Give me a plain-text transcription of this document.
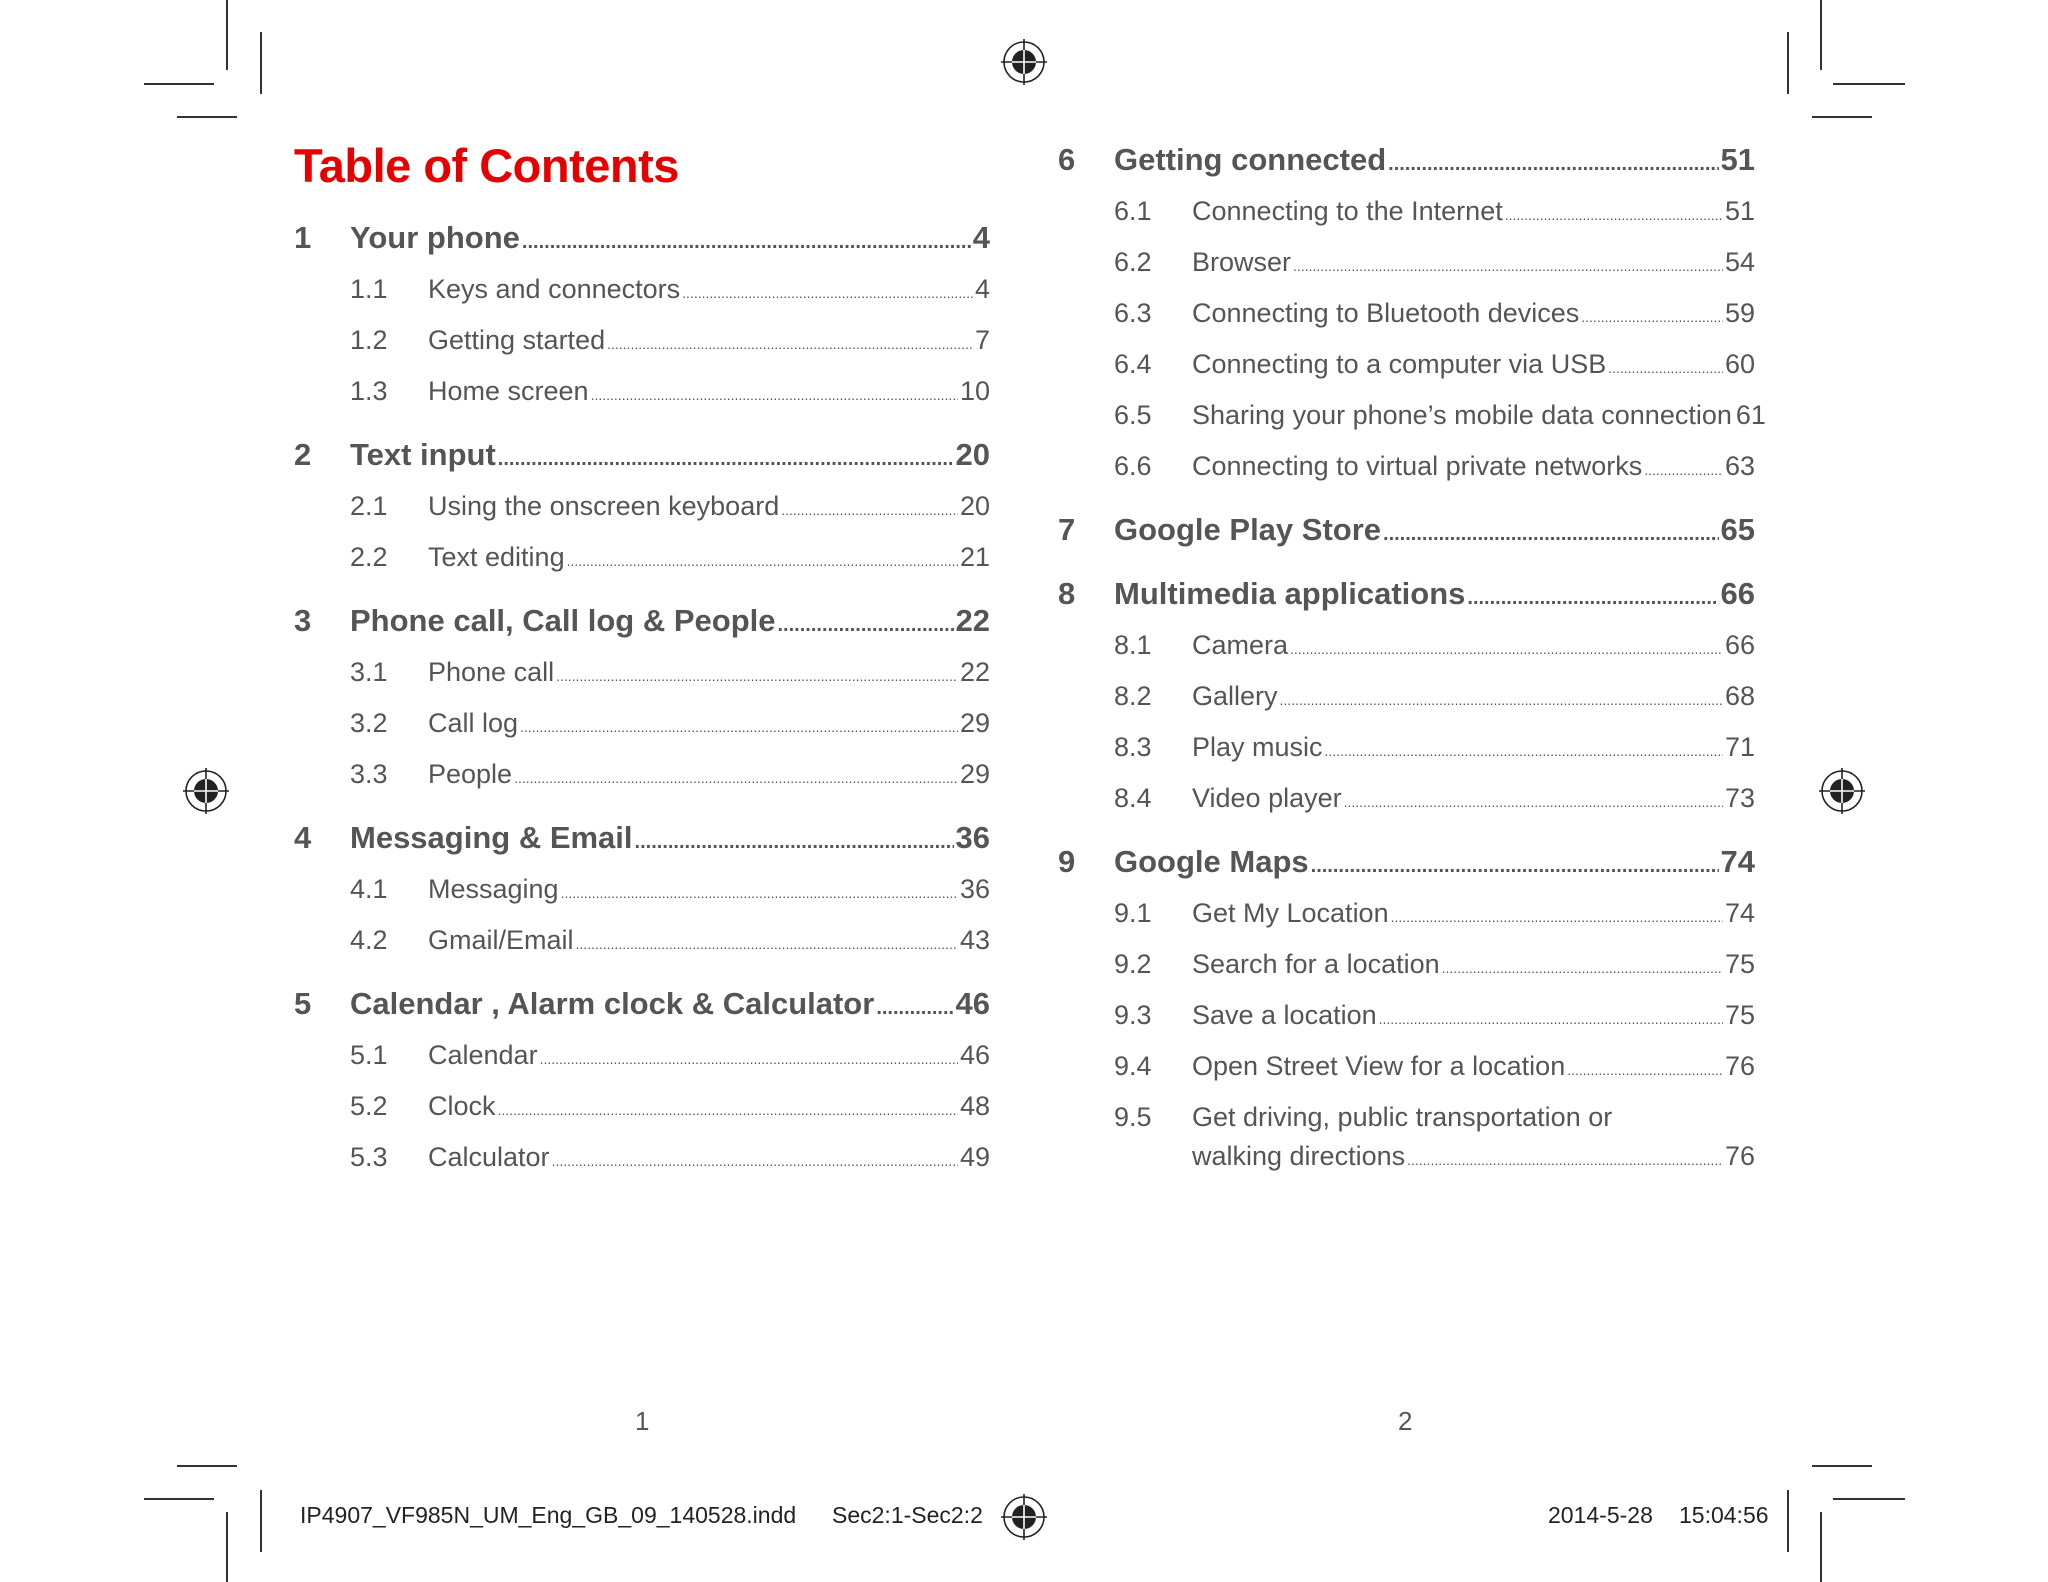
Table of Contents
1	Your phone .....	4
1.1	Keys and connectors .....	4
1.2	Getting started .....	7
1.3	Home screen .....	10
2	Text input .....	20
2.1	Using the onscreen keyboard .....	20
2.2	Text editing .....	21
3	Phone call, Call log & People .....	22
3.1	Phone call .....	22
3.2	Call log .....	29
3.3	People .....	29
4	Messaging & Email .....	36
4.1	Messaging .....	36
4.2	Gmail/Email .....	43
5	Calendar , Alarm clock & Calculator .....	46
5.1	Calendar .....	46
5.2	Clock .....	48
5.3	Calculator .....	49
6	Getting connected .....	51
6.1	Connecting to the Internet .....	51
6.2	Browser .....	54
6.3	Connecting to Bluetooth devices .....	59
6.4	Connecting to a computer via USB .....	60
6.5	Sharing your phone’s mobile data connection 61
6.6	Connecting to virtual private networks .....	63
7	Google Play Store .....	65
8	Multimedia applications .....	66
8.1	Camera .....	66
8.2	Gallery .....	68
8.3	Play music .....	71
8.4	Video player .....	73
9	Google Maps .....	74
9.1	Get My Location .....	74
9.2	Search for a location .....	75
9.3	Save a location .....	75
9.4	Open Street View for a location .....	76
9.5	Get driving, public transportation or
walking directions .....	76
1	2
IP4907_VF985N_UM_Eng_GB_09_140528.indd Sec2:1-Sec2:2	2014-5-28 15:04:56
